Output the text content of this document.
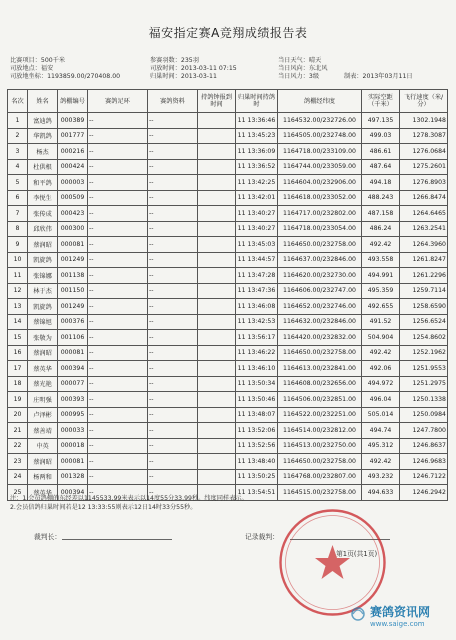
福安指定赛A竞翔成绩报告表
比赛项目：500千米
司放地点：福安
司放地坐标：1193859.00/270408.00
参赛羽数：235羽
司放时间：2013-03-11 07:15
归巢时间：2013-03-11
当日天气：晴天
当日风向：东北风
当日风力：3级	制表：2013年03月11日
名次	姓名	鸽棚编号	赛鸽足环	赛鸽资料	持鸽钟报到时间	归巢时间持鸽时	鸽棚经纬度	实际空距（千米）	飞行速度（米/分）
1	富迪鸽	000389	--	--		11 13:36:46	1164532.00/232726.00	497.135	1302.1948
2	华凯鸽	001777	--	--		11 13:45:23	1164505.00/232748.00	499.03	1278.3087
3	杨杰	000216	--	--		11 13:36:09	1164718.00/233109.00	486.61	1276.0684
4	杜供根	000424	--	--		11 13:36:52	1164744.00/233059.00	487.64	1275.2601
5	和平鸽	000003	--	--		11 13:42:25	1164604.00/232906.00	494.18	1276.8903
6	李悦生	000509	--	--		11 13:42:01	1164618.00/233052.00	488.243	1266.8474
7	张传成	000423	--	--		11 13:40:27	1164717.00/232802.00	487.158	1264.6465
8	邱欣伟	000300	--	--		11 13:40:27	1164718.00/233054.00	486.24	1263.2541
9	蔡润昭	000081	--	--		11 13:45:03	1164650.00/232758.00	492.42	1264.3960
10	凯旋鸽	001249	--	--		11 13:44:57	1164637.00/232846.00	493.558	1261.8247
11	张锦娜	001138	--	--		11 13:47:28	1164620.00/232730.00	494.991	1261.2296
12	林于杰	001150	--	--		11 13:47:36	1164606.00/232747.00	495.359	1259.7114
13	凯旋鸽	001249	--	--		11 13:46:08	1164652.00/232746.00	492.655	1258.6590
14	蔡锦旭	000376	--	--		11 13:42:53	1164632.00/232846.00	491.52	1256.6524
15	张敬为	001106	--	--		11 13:56:17	1164420.00/232832.00	504.904	1254.8602
16	蔡润昭	000081	--	--		11 13:46:22	1164650.00/232758.00	492.42	1252.1962
17	蔡英华	000394	--	--		11 13:46:10	1164613.00/232841.00	492.06	1251.9553
18	蔡光艳	000077	--	--		11 13:50:34	1164608.00/232656.00	494.972	1251.2975
19	庄明强	000393	--	--		11 13:50:46	1164506.00/232851.00	496.04	1250.1338
20	卢泽彬	000995	--	--		11 13:48:07	1164522.00/232251.00	505.014	1250.0984
21	蔡善靖	000033	--	--		11 13:52:06	1164514.00/232812.00	494.74	1247.7800
22	中英	000018	--	--		11 13:52:56	1164513.00/232750.00	495.312	1246.8637
23	蔡润昭	000081	--	--		11 13:48:40	1164650.00/232758.00	492.42	1246.9683
24	杨两和	001328	--	--		11 13:50:25	1164768.00/232807.00	493.232	1246.7122
25	蔡英华	000394	--	--		11 13:54:51	1164515.00/232758.00	494.633	1246.2942
注：1.会员鸽棚的东经差以1145533.99米表示以14度55分33.99秒。纬度同样表示。
2.会员信鸽归巢时间若是12 13:33:55则表示12日14时33分55秒。
裁判长：	记录裁判：
第1页(共1页)
赛鸽资讯网
www.saige.com
